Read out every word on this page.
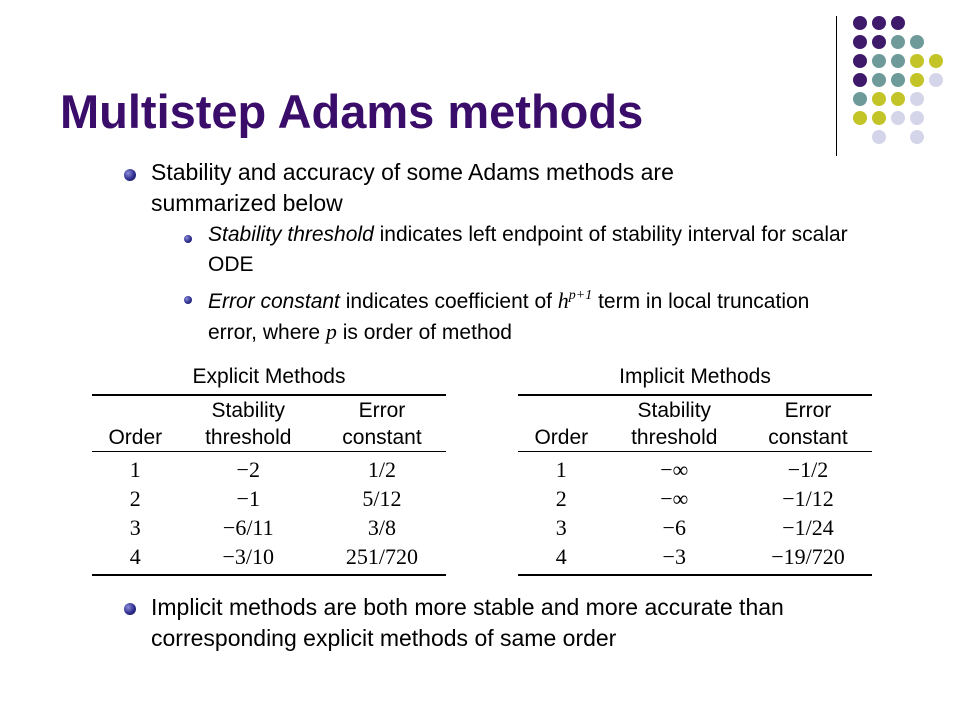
Multistep Adams methods
Stability and accuracy of some Adams methods are summarized below
Stability threshold indicates left endpoint of stability interval for scalar ODE
Error constant indicates coefficient of $h^{p+1}$ term in local truncation error, where p is order of method
Explicit Methods
	Stability	Error
Order	threshold	constant
1	−2	1/2
2	−1	5/12
3	−6/11	3/8
4	−3/10	251/720
Implicit Methods
	Stability	Error
Order	threshold	constant
1	−∞	−1/2
2	−∞	−1/12
3	−6	−1/24
4	−3	−19/720
Implicit methods are both more stable and more accurate than corresponding explicit methods of same order
